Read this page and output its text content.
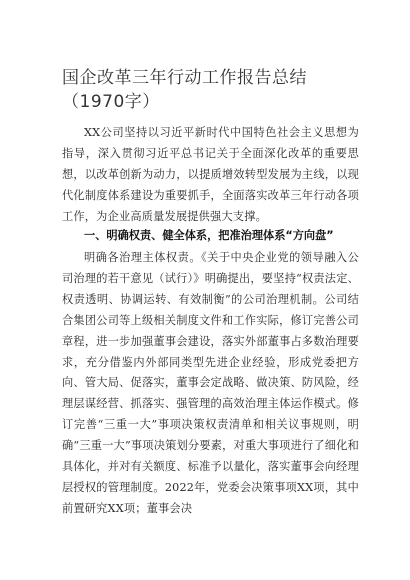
国企改革三年行动工作报告总结（1970字）

XX公司坚持以习近平新时代中国特色社会主义思想为指导，深入贯彻习近平总书记关于全面深化改革的重要思想，以改革创新为动力，以提质增效转型发展为主线，以现代化制度体系建设为重要抓手，全面落实改革三年行动各项工作，为企业高质量发展提供强大支撑。

一、明确权责、健全体系，把准治理体系“方向盘”

明确各治理主体权责。《关于中央企业党的领导融入公司治理的若干意见（试行）》明确提出，要坚持“权责法定、权责透明、协调运转、有效制衡”的公司治理机制。公司结合集团公司等上级相关制度文件和工作实际，修订完善公司章程，进一步加强董事会建设，落实外部董事占多数治理要求，充分借鉴内外部同类型先进企业经验，形成党委把方向、管大局、促落实，董事会定战略、做决策、防风险，经理层谋经营、抓落实、强管理的高效治理主体运作模式。修订完善“三重一大”事项决策权责清单和相关议事规则，明确“三重一大”事项决策划分要素，对重大事项进行了细化和具体化，并对有关额度、标准予以量化，落实董事会向经理层授权的管理制度。2022年，党委会决策事项XX项，其中前置研究XX项；董事会决
